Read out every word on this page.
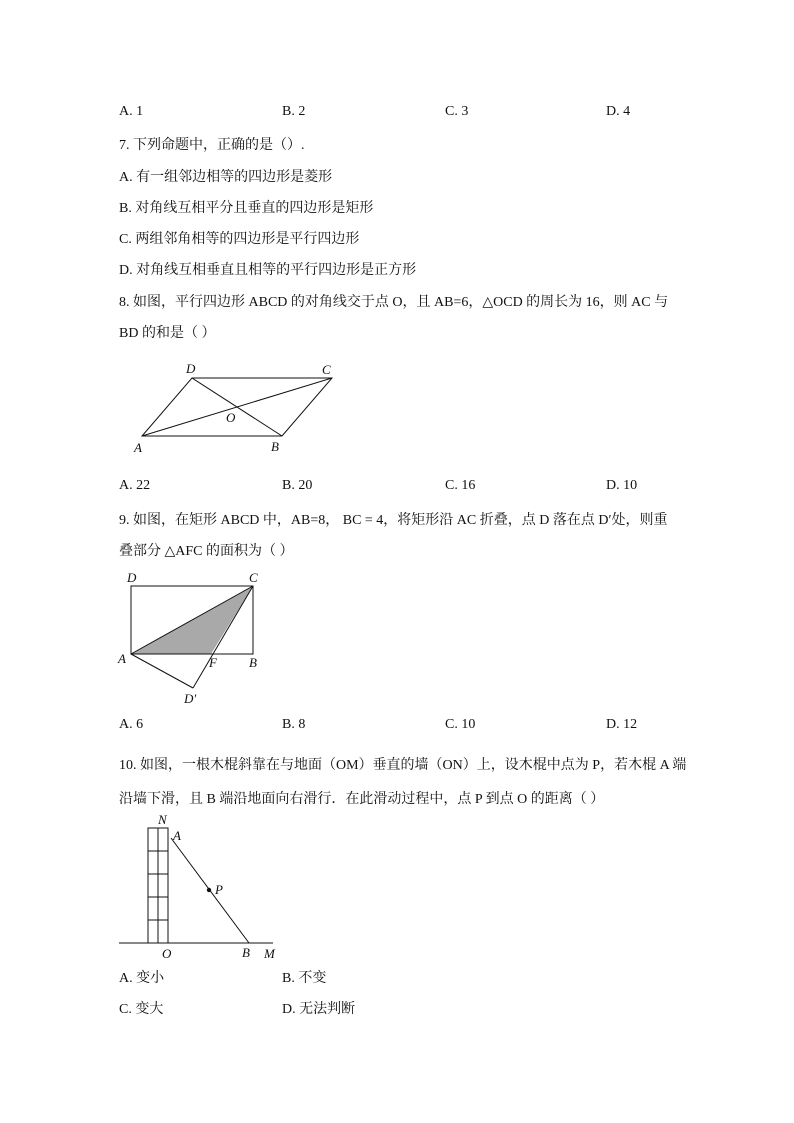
A. 1	B. 2	C. 3	D. 4
7. 下列命题中，正确的是（）.
A. 有一组邻边相等的四边形是菱形
B. 对角线互相平分且垂直的四边形是矩形
C. 两组邻角相等的四边形是平行四边形
D. 对角线互相垂直且相等的平行四边形是正方形
8. 如图，平行四边形 ABCD 的对角线交于点 O，且 AB=6，△OCD 的周长为 16，则 AC 与
BD 的和是（ ）
A	B
C
D
O
A. 22	B. 20	C. 16	D. 10
9. 如图，在矩形 ABCD 中，AB=8， BC = 4，将矩形沿 AC 折叠，点 D 落在点 D′处，则重
叠部分 △AFC 的面积为（ ）
A	B
C
D
F
D′
A. 6	B. 8	C. 10	D. 12
10. 如图，一根木棍斜靠在与地面（OM）垂直的墙（ON）上，设木棍中点为 P，若木棍 A 端
沿墙下滑，且 B 端沿地面向右滑行．在此滑动过程中，点 P 到点 O 的距离（ ）
N
A
P
O	B M
A. 变小	B. 不变
C. 变大	D. 无法判断
